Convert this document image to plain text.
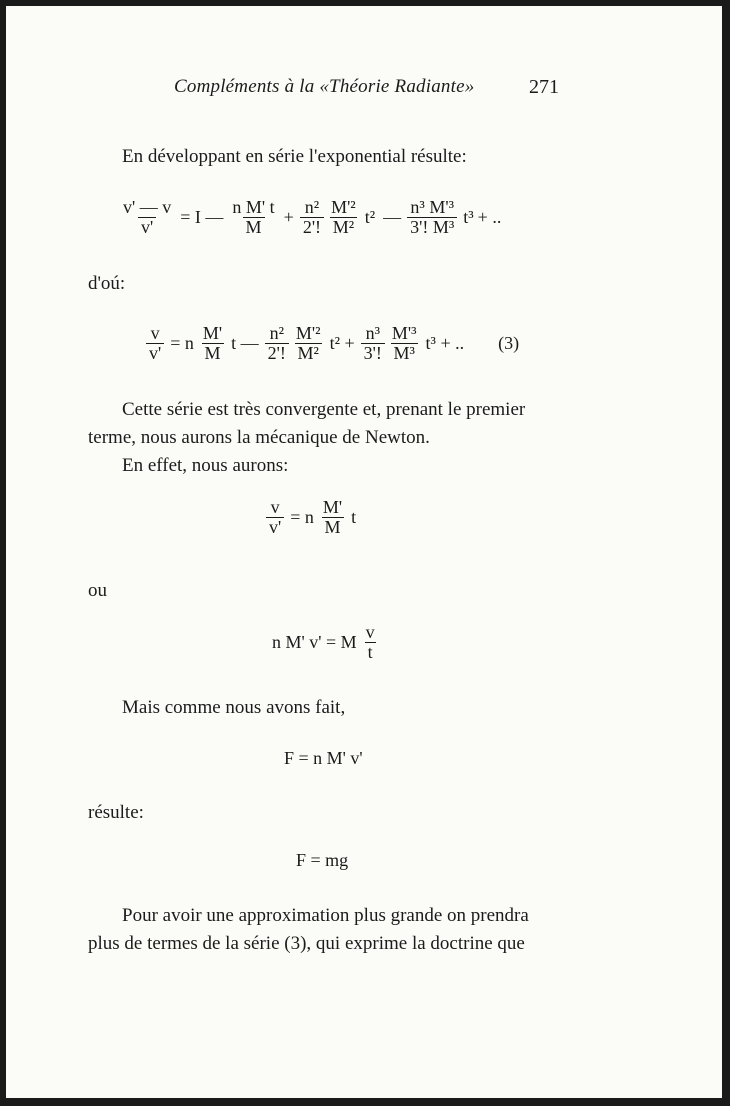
Compléments à la «Théorie Radiante»	271
En développant en série l'exponential résulte:
$\frac{v' — v}{v'} = I$ — $\frac{\text{n M' t}}{M} + \frac{\text{n²}}{2'!} \frac{\text{M'²}}{\text{M²}} t^2$ — $\frac{\text{n³ M'³}}{\text{3'! M³}} t^3$ + ..
d'oú:
$\frac{v}{v'} = n \frac{M'}{M}$ t — $\frac{\text{n²}}{2'!} \frac{\text{M'²}}{\text{M²}} t^2 + \frac{\text{n³}}{3'!} \frac{\text{M'³}}{\text{M³}} t^3$ + .. (3)
Cette série est très convergente et, prenant le premier
terme, nous aurons la mécanique de Newton.
En effet, nous aurons:
$\frac{v}{v'} = n \frac{M'}{M}$ t
ou
n M' v' = M $\frac{v}{t}$
Mais comme nous avons fait,
F = n M' v'
résulte:
F = mg
Pour avoir une approximation plus grande on prendra
plus de termes de la série (3), qui exprime la doctrine que
